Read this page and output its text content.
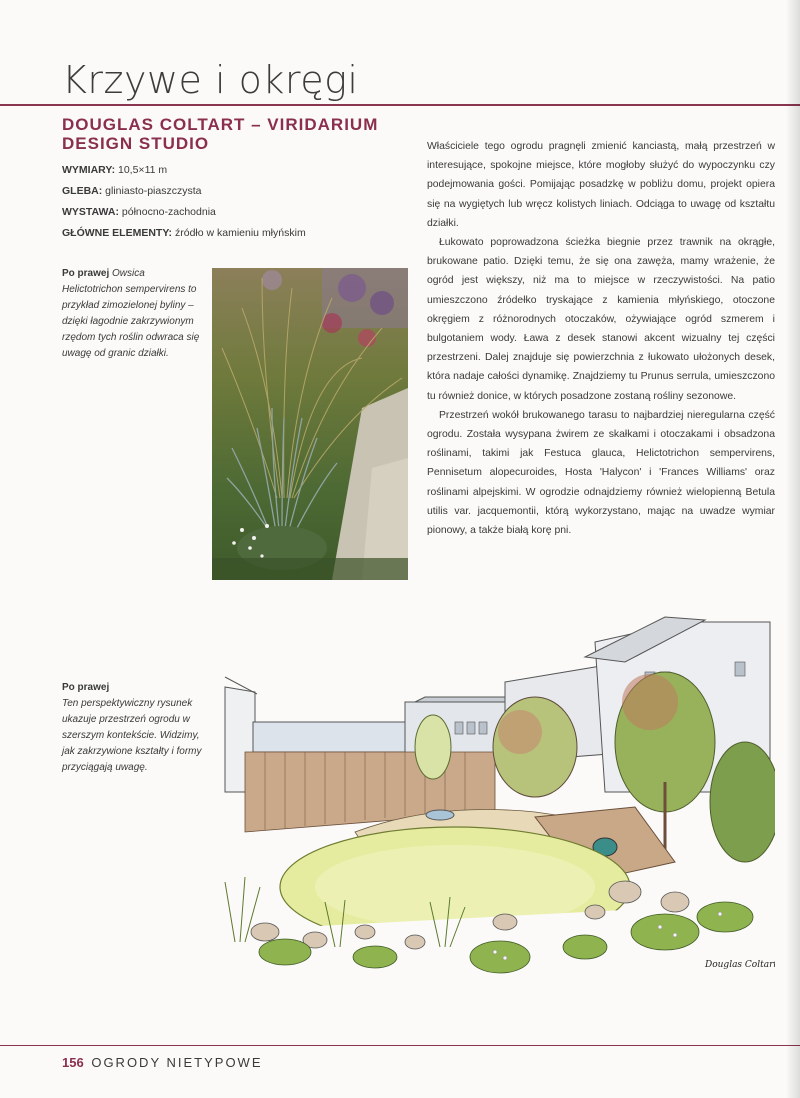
Krzywe i okręgi
DOUGLAS COLTART – VIRIDARIUM DESIGN STUDIO
WYMIARY: 10,5×11 m
GLEBA: gliniasto-piaszczysta
WYSTAWA: północno-zachodnia
GŁÓWNE ELEMENTY: źródło w kamieniu młyńskim
Po prawej Owsica Helictotrichon sempervirens to przykład zimozielonej byliny – dzięki łagodnie zakrzywionym rzędom tych roślin odwraca się uwagę od granic działki.

Właściciele tego ogrodu pragnęli zmienić kanciastą, małą przestrzeń w interesujące, spokojne miejsce, które mogłoby służyć do wypoczynku czy podejmowania gości. Pomijając posadzkę w pobliżu domu, projekt opiera się na wygiętych lub wręcz kolistych liniach. Odciąga to uwagę od kształtu działki.

Łukowato poprowadzona ścieżka biegnie przez trawnik na okrągłe, brukowane patio. Dzięki temu, że się ona zawęża, mamy wrażenie, że ogród jest większy, niż ma to miejsce w rzeczywistości. Na patio umieszczono źródełko tryskające z kamienia młyńskiego, otoczone okręgiem z różnorodnych otoczaków, ożywiające ogród szmerem i bulgotaniem wody. Ława z desek stanowi akcent wizualny tej części przestrzeni. Dalej znajduje się powierzchnia z łukowato ułożonych desek, która nadaje całości dynamikę. Znajdziemy tu Prunus serrula, umieszczono tu również donice, w których posadzone zostaną rośliny sezonowe.

Przestrzeń wokół brukowanego tarasu to najbardziej nieregularna część ogrodu. Została wysypana żwirem ze skałkami i otoczakami i obsadzona roślinami, takimi jak Festuca glauca, Helictotrichon sempervirens, Pennisetum alopecuroides, Hosta 'Halycon' i 'Frances Williams' oraz roślinami alpejskimi. W ogrodzie odnajdziemy również wielopienną Betula utilis var. jacquemontii, którą wykorzystano, mając na uwadze wymiar pionowy, a także białą korę pni.

Po prawej
Ten perspektywiczny rysunek ukazuje przestrzeń ogrodu w szerszym kontekście. Widzimy, jak zakrzywione kształty i formy przyciągają uwagę.
Douglas Coltart
156 OGRODY NIETYPOWE
